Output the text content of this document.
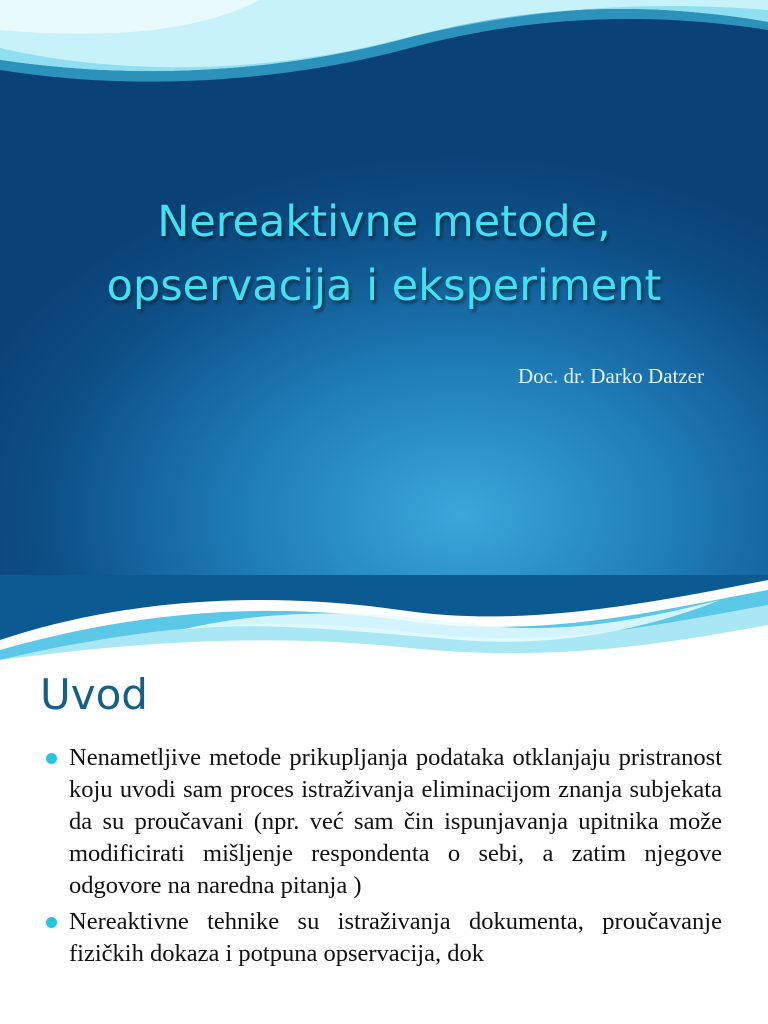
Nereaktivne metode,
opservacija i eksperiment

Doc. dr. Darko Datzer

Uvod
Nenametljive metode prikupljanja podataka otklanjaju pristranost koju uvodi sam proces istraživanja eliminacijom znanja subjekata da su proučavani (npr. već sam čin ispunjavanja upitnika može modificirati mišljenje respondenta o sebi, a zatim njegove odgovore na naredna pitanja )
Nereaktivne tehnike su istraživanja dokumenta, proučavanje fizičkih dokaza i potpuna opservacija, dok
